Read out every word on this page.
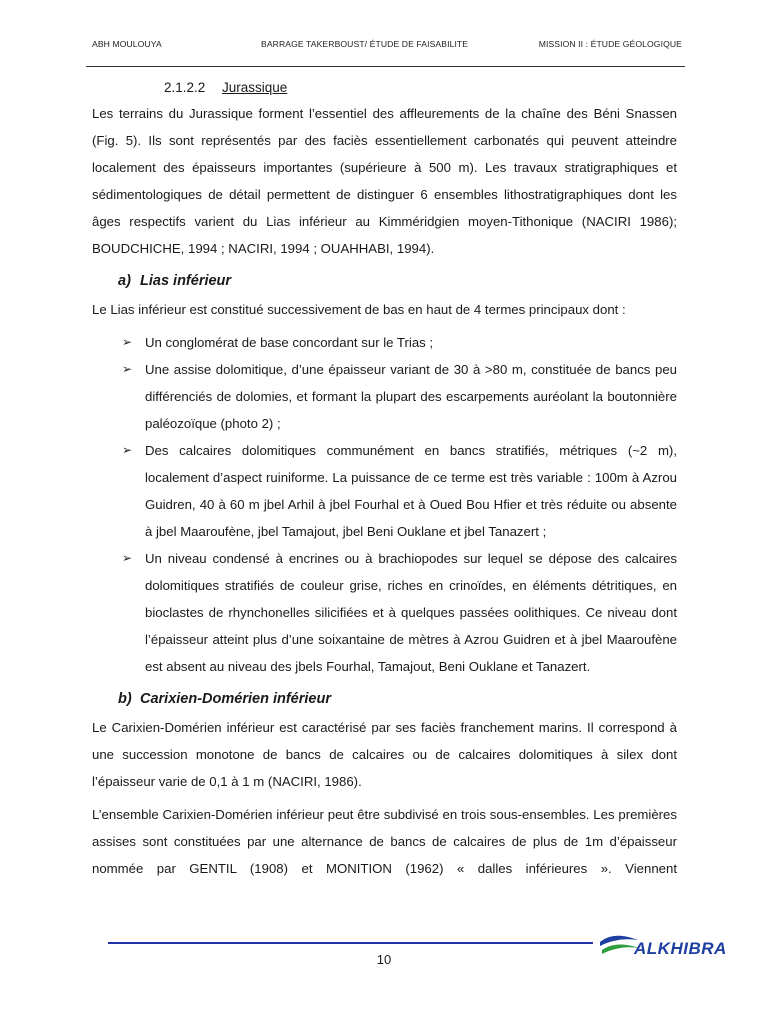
ABH MOULOUYA	BARRAGE TAKERBOUST/ ÉTUDE DE FAISABILITE	MISSION II : ÉTUDE GÉOLOGIQUE
2.1.2.2 Jurassique

Les terrains du Jurassique forment l’essentiel des affleurements de la chaîne des Béni Snassen (Fig. 5). Ils sont représentés par des faciès essentiellement carbonatés qui peuvent atteindre localement des épaisseurs importantes (supérieure à 500 m). Les travaux stratigraphiques et sédimentologiques de détail permettent de distinguer 6 ensembles lithostratigraphiques dont les âges respectifs varient du Lias inférieur au Kimméridgien moyen-Tithonique (NACIRI 1986); BOUDCHICHE, 1994 ; NACIRI, 1994 ; OUAHHABI, 1994).

a) Lias inférieur

Le Lias inférieur est constitué successivement de bas en haut de 4 termes principaux dont :

➢ Un conglomérat de base concordant sur le Trias ;

➢ Une assise dolomitique, d’une épaisseur variant de 30 à >80 m, constituée de bancs peu différenciés de dolomies, et formant la plupart des escarpements auréolant la boutonnière paléozoïque (photo 2) ;

➢ Des calcaires dolomitiques communément en bancs stratifiés, métriques (~2 m), localement d’aspect ruiniforme. La puissance de ce terme est très variable : 100m à Azrou Guidren, 40 à 60 m jbel Arhil à jbel Fourhal et à Oued Bou Hfier et très réduite ou absente à jbel Maaroufène, jbel Tamajout, jbel Beni Ouklane et jbel Tanazert ;

➢ Un niveau condensé à encrines ou à brachiopodes sur lequel se dépose des calcaires dolomitiques stratifiés de couleur grise, riches en crinoïdes, en éléments détritiques, en bioclastes de rhynchonelles silicifiées et à quelques passées oolithiques. Ce niveau dont l’épaisseur atteint plus d’une soixantaine de mètres à Azrou Guidren et à jbel Maaroufène est absent au niveau des jbels Fourhal, Tamajout, Beni Ouklane et Tanazert.

b) Carixien-Domérien inférieur

Le Carixien-Domérien inférieur est caractérisé par ses faciès franchement marins. Il correspond à une succession monotone de bancs de calcaires ou de calcaires dolomitiques à silex dont l’épaisseur varie de 0,1 à 1 m (NACIRI, 1986).

L’ensemble Carixien-Domérien inférieur peut être subdivisé en trois sous-ensembles. Les premières assises sont constituées par une alternance de bancs de calcaires de plus de 1m d’épaisseur nommée par GENTIL (1908) et MONITION (1962) « dalles inférieures ». Viennent

10
ALKHIBRA
